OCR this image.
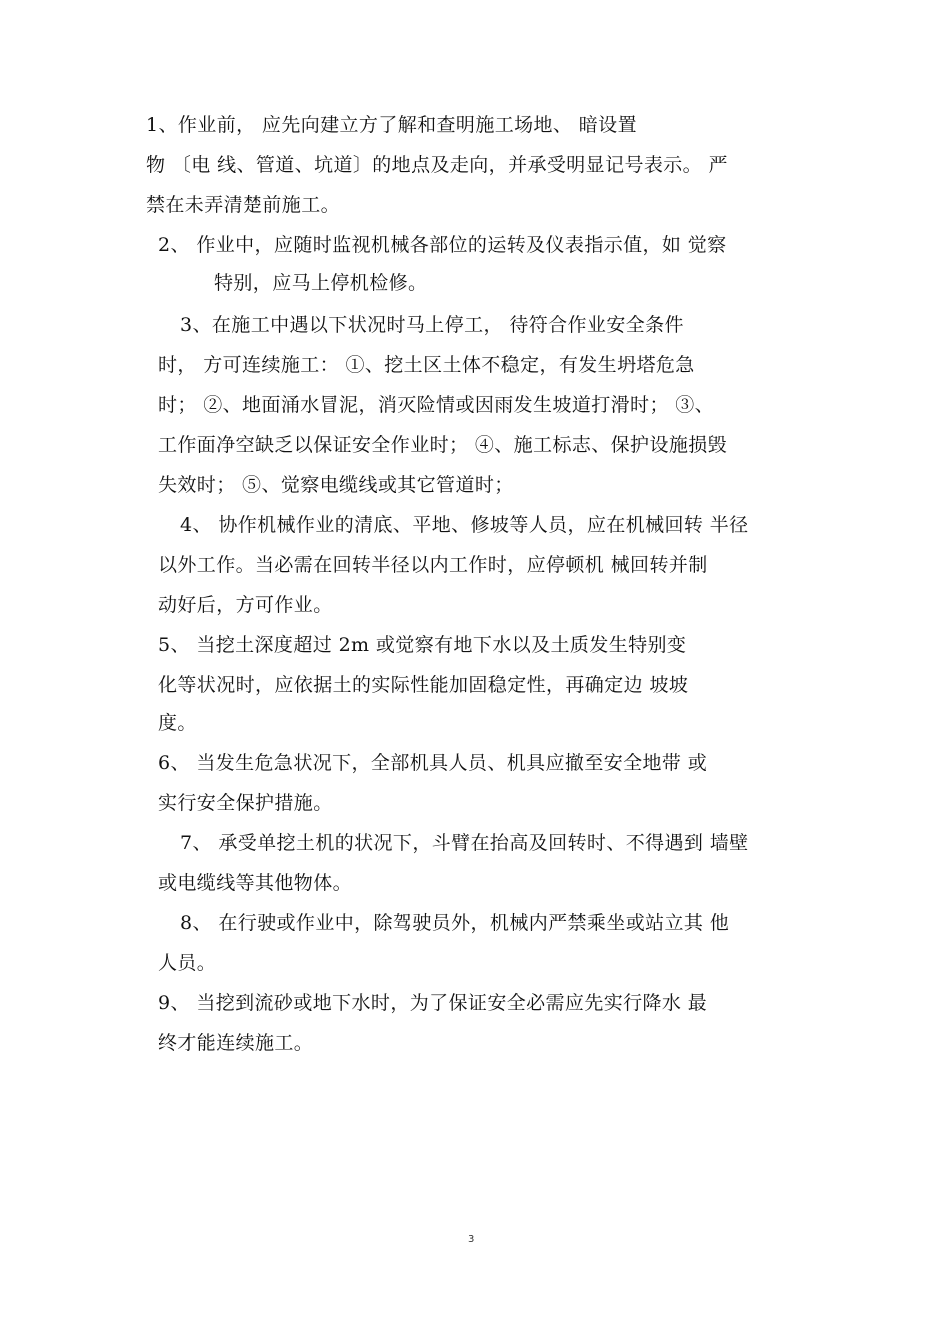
1、作业前， 应先向建立方了解和查明施工场地、 暗设置
物 〔电 线、管道、坑道〕的地点及走向，并承受明显记号表示。 严
禁在未弄清楚前施工。
2、 作业中，应随时监视机械各部位的运转及仪表指示值，如 觉察
特别，应马上停机检修。
3、在施工中遇以下状况时马上停工， 待符合作业安全条件
时， 方可连续施工： ①、挖土区土体不稳定，有发生坍塔危急
时； ②、地面涌水冒泥，消灭险情或因雨发生坡道打滑时； ③、
工作面净空缺乏以保证安全作业时； ④、施工标志、保护设施损毁
失效时； ⑤、觉察电缆线或其它管道时；
4、 协作机械作业的清底、平地、修坡等人员，应在机械回转 半径
以外工作。当必需在回转半径以内工作时，应停顿机 械回转并制
动好后，方可作业。
5、 当挖土深度超过 2m 或觉察有地下水以及土质发生特别变
化等状况时，应依据土的实际性能加固稳定性，再确定边 坡坡
度。
6、 当发生危急状况下，全部机具人员、机具应撤至安全地带 或
实行安全保护措施。
7、 承受单挖土机的状况下，斗臂在抬高及回转时、不得遇到 墙壁
或电缆线等其他物体。
8、 在行驶或作业中，除驾驶员外，机械内严禁乘坐或站立其 他
人员。
9、 当挖到流砂或地下水时，为了保证安全必需应先实行降水 最
终才能连续施工。
3
